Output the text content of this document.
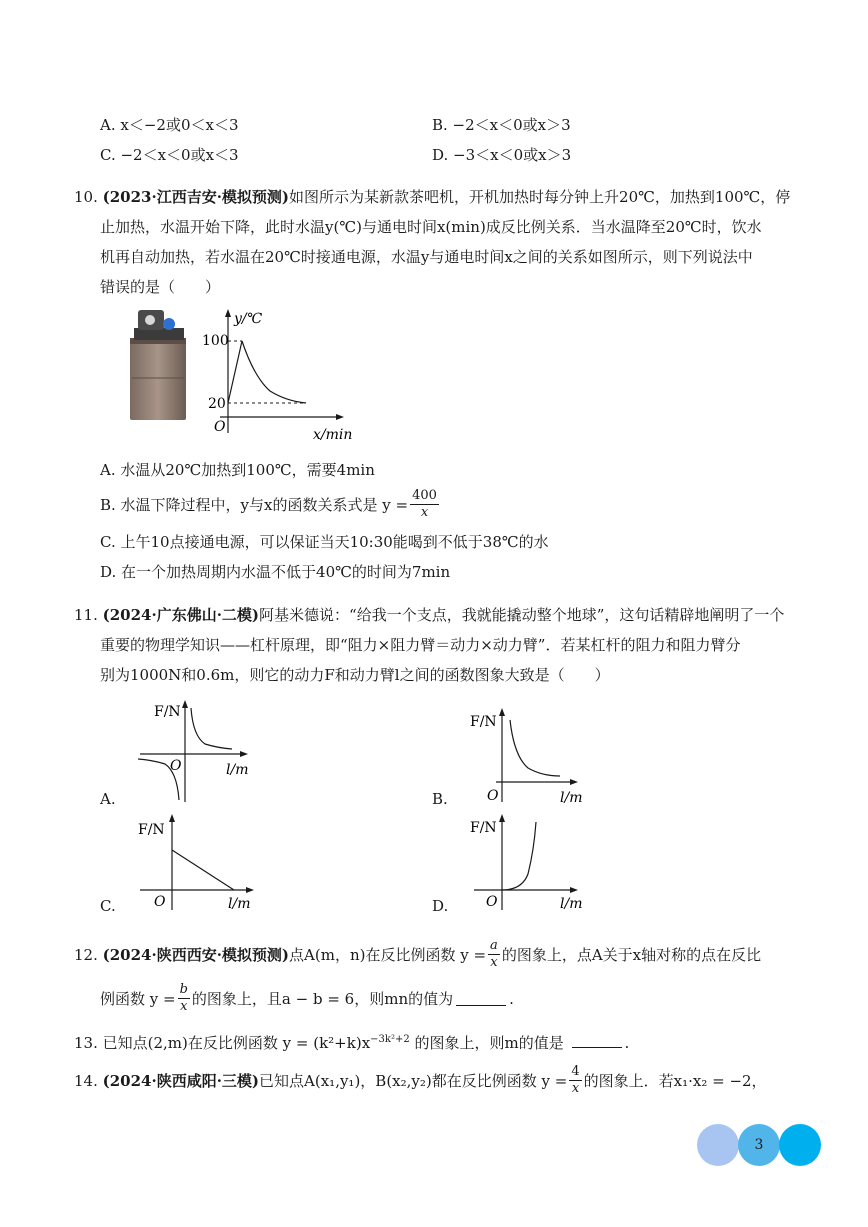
A. x＜−2或0＜x＜3	B. −2＜x＜0或x＞3
C. −2＜x＜0或x＜3	D. −3＜x＜0或x＞3
10. (2023·江西吉安·模拟预测)如图所示为某新款茶吧机，开机加热时每分钟上升20℃，加热到100℃，停
止加热，水温开始下降，此时水温y(℃)与通电时间x(min)成反比例关系．当水温降至20℃时，饮水
机再自动加热，若水温在20℃时接通电源，水温y与通电时间x之间的关系如图所示，则下列说法中
错误的是（　　）
y/℃
x/min
100
20
O
A. 水温从20℃加热到100℃，需要4min
B. 水温下降过程中，y与x的函数关系式是 $y = \frac{400}{x}$
C. 上午10点接通电源，可以保证当天10:30能喝到不低于38℃的水
D. 在一个加热周期内水温不低于40℃的时间为7min
11. (2024·广东佛山·二模)阿基米德说：“给我一个支点，我就能撬动整个地球”，这句话精辟地阐明了一个
重要的物理学知识——杠杆原理，即“阻力×阻力臂＝动力×动力臂”．若某杠杆的阻力和阻力臂分
别为1000N和0.6m，则它的动力F和动力臂l之间的函数图象大致是（　　）
F/N
l/m
O
A.
F/N
l/m
O
B.
F/N
l/m
O
C.
F/N
l/m
O
D.
12.
(2024·陕西西安·模拟预测) 点A(m，n)在反比例函数 $y = \frac{a}{x}$ 的图象上，点A关于x轴对称的点在反比
例函数 $y = \frac{b}{x}$ 的图象上，且a − b = 6，则mn的值为	.
13. 已知点(2,m)在反比例函数 $y = (k^2+k)x^{-3k^2+2}$ 的图象上，则m的值是	.
14.
(2024·陕西咸阳·三模) 已知点A(x₁,y₁)，B(x₂,y₂)都在反比例函数 $y = \frac{4}{x}$ 的图象上．若x₁·x₂ = −2，
3
